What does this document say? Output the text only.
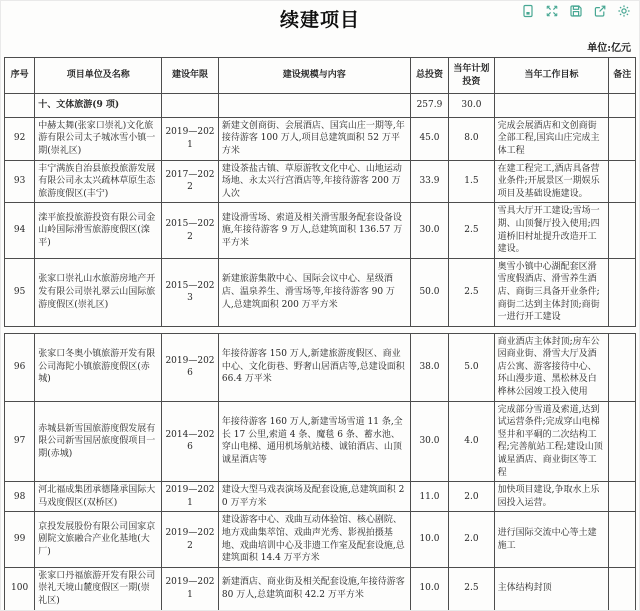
续建项目
单位:亿元
序号	项目单位及名称	建设年限	建设规模与内容	总投资	当年计划投资	当年工作目标	备注
	十、文体旅游(9 项)			257.9	30.0		
92	中赫太舞(张家口崇礼)文化旅游有限公司太子城冰雪小镇一期(崇礼区)	2019—2021	新建文创商街、会展酒店、国宾山庄一期等,年接待游客 100 万人,项目总建筑面积 52 万平方米	45.0	8.0	完成会展酒店和文创商街全部工程,国宾山庄完成主体工程	
93	丰宁满族自治县旅投旅游发展有限公司永太兴疏林草原生态旅游度假区(丰宁)	2017—2022	建设茶盐古镇、草原游牧文化中心、山地运动场地、永太兴行宫酒店等,年接待游客 200 万人次	33.9	1.5	在建工程完工,酒店具备营业条件;开展景区一期娱乐项目及基础设施建设。	
94	滦平旅投旅游投资有限公司金山岭国际滑雪旅游度假区(滦平)	2015—2022	建设滑雪场、索道及相关滑雪服务配套设备设施,年接待游客 9 万人,总建筑面积 136.57 万平方米	30.0	2.5	雪具大厅开工建设;雪场一期、山顶餐厅投入使用;四道桥旧村址提升改造开工建设。	
95	张家口崇礼山水旅游房地产开发有限公司崇礼翠云山国际旅游度假区(崇礼区)	2015—2023	新建旅游集散中心、国际会议中心、星级酒店、温泉养生、滑雪场等,年接待游客 90 万人,总建筑面积 200 万平方米	50.0	2.5	奥雪小镇中心湖配套区滑雪度假酒店、滑雪养生酒店、商街三具备开业条件;商街二达到主体封顶;商街一进行开工建设	
96	张家口冬奥小镇旅游开发有限公司海陀小镇旅游度假区(赤城)	2019—2026	年接待游客 150 万人,新建旅游度假区、商业中心、文化街巷、野奢山居酒店等,总建设面积 66.4 万平米	38.0	5.0	商业酒店主体封顶;房车公园商业街、滑雪大厅及酒店公寓、游客接待中心、环山漫步道、黑松林及白桦林公园竣工投入使用	
97	赤城县新雪国旅游度假发展有限公司新雪国居旅度假项目一期(赤城)	2014—2026	年接待游客 160 万人,新建雪场雪道 11 条,全长 17 公里,索道 4 条、魔毯 6 条、蓄水池、穿山电梯、通用机场航站楼、诚铂酒店、山顶诚星酒店等	30.0	4.0	完成部分雪道及索道,达到试运营条件;完成穿山电梯竖井和平硐的二次结构工程;完善航站工程;建设山顶诚星酒店、商业街区等工程	
98	河北福成集团承德隆承国际大马戏度假区(双桥区)	2019—2021	建设大型马戏表演场及配套设施,总建筑面积 20 万平方米	11.0	2.0	加快项目建设,争取水上乐园投入运营。	
99	京投发展股份有限公司国家京剧院文旅融合产业化基地(大厂)	2019—2022	建设游客中心、戏曲互动体验馆、核心剧院、地方戏曲集萃馆、戏曲声光秀、影视拍摄基地、戏曲培训中心及非遗工作室及配套设施,总建筑面积 14.4 万平方米	10.0	2.0	进行国际交流中心等土建施工	
100	张家口丹福旅游开发有限公司崇礼天境山麓度假区一期(崇礼区)	2019—2021	新建酒店、商业街及相关配套设施,年接待游客 80 万人,总建筑面积 42.2 万平方米	10.0	2.5	主体结构封顶	
